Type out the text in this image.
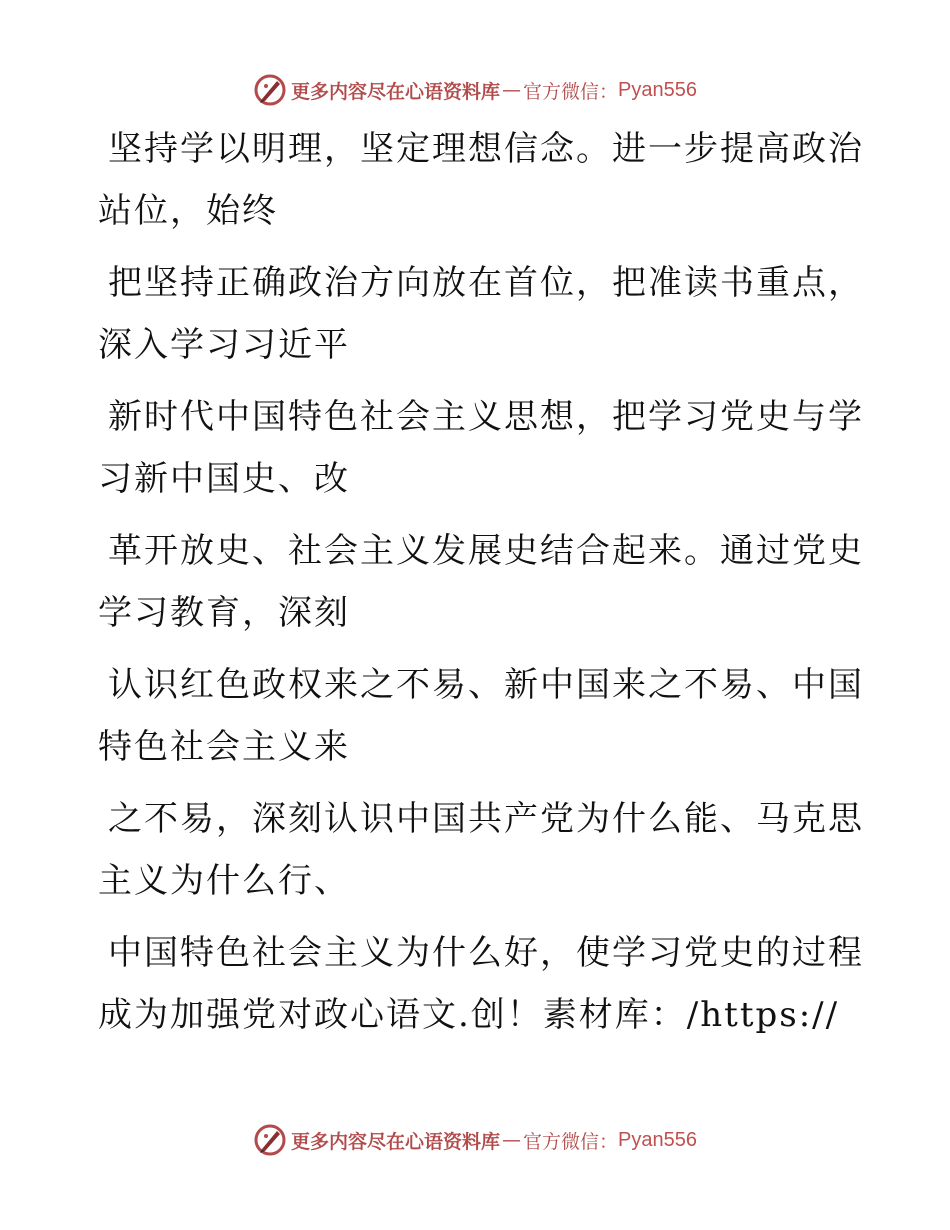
更多内容尽在心语资料库 — 官方微信： Pyan556
坚持学以明理，坚定理想信念。进一步提高政治
站位，始终
把坚持正确政治方向放在首位，把准读书重点，
深入学习习近平
新时代中国特色社会主义思想，把学习党史与学
习新中国史、改
革开放史、社会主义发展史结合起来。通过党史
学习教育，深刻
认识红色政权来之不易、新中国来之不易、中国
特色社会主义来
之不易，深刻认识中国共产党为什么能、马克思
主义为什么行、
中国特色社会主义为什么好，使学习党史的过程
成为加强党对政心语文.创！素材库：/https://
更多内容尽在心语资料库 — 官方微信： Pyan556
